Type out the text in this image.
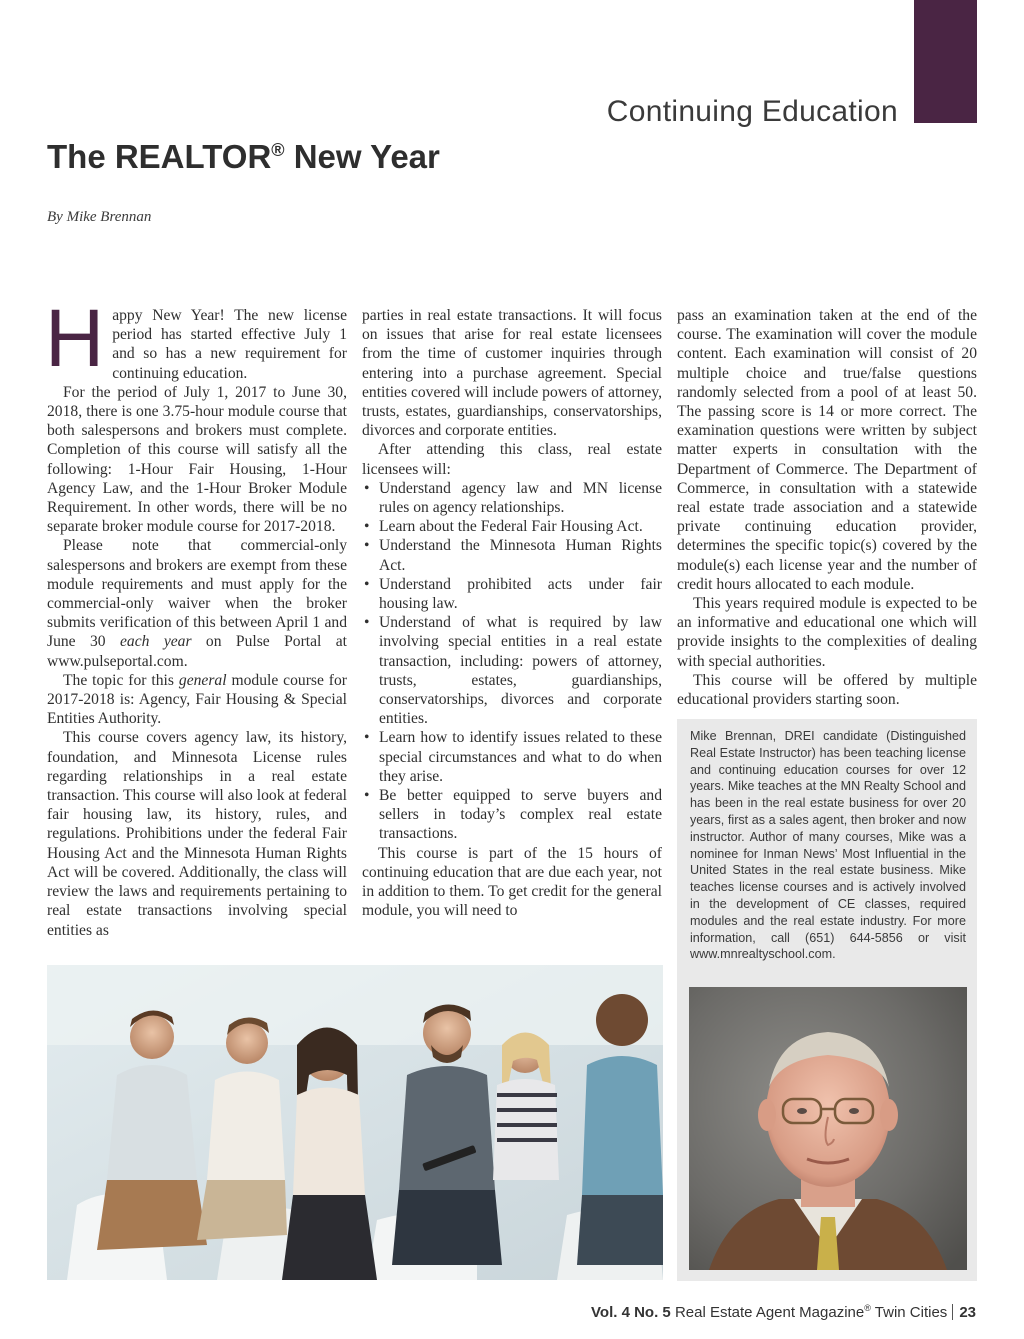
Continuing Education
The REALTOR® New Year
By Mike Brennan

Happy New Year! The new license period has started effective July 1 and so has a new requirement for continuing education.

For the period of July 1, 2017 to June 30, 2018, there is one 3.75-hour module course that both salespersons and brokers must complete. Completion of this course will satisfy all the following: 1-Hour Fair Housing, 1-Hour Agency Law, and the 1-Hour Broker Module Requirement. In other words, there will be no separate broker module course for 2017-2018.

Please note that commercial-only salespersons and brokers are exempt from these module requirements and must apply for the commercial-only waiver when the broker submits verification of this between April 1 and June 30 each year on Pulse Portal at www.pulseportal.com.

The topic for this general module course for 2017-2018 is: Agency, Fair Housing & Special Entities Authority.

This course covers agency law, its history, foundation, and Minnesota License rules regarding relationships in a real estate transaction. This course will also look at federal fair housing law, its history, rules, and regulations. Prohibitions under the federal Fair Housing Act and the Minnesota Human Rights Act will be covered. Additionally, the class will review the laws and requirements pertaining to real estate transactions involving special entities as

parties in real estate transactions. It will focus on issues that arise for real estate licensees from the time of customer inquiries through entering into a purchase agreement. Special entities covered will include powers of attorney, trusts, estates, guardianships, conservatorships, divorces and corporate entities.

After attending this class, real estate licensees will:

• Understand agency law and MN license rules on agency relationships.
• Learn about the Federal Fair Housing Act.
• Understand the Minnesota Human Rights Act.
• Understand prohibited acts under fair housing law.
• Understand of what is required by law involving special entities in a real estate transaction, including: powers of attorney, trusts, estates, guardianships, conservatorships, divorces and corporate entities.
• Learn how to identify issues related to these special circumstances and what to do when they arise.
• Be better equipped to serve buyers and sellers in today’s complex real estate transactions.

This course is part of the 15 hours of continuing education that are due each year, not in addition to them. To get credit for the general module, you will need to

pass an examination taken at the end of the course. The examination will cover the module content. Each examination will consist of 20 multiple choice and true/false questions randomly selected from a pool of at least 50. The passing score is 14 or more correct. The examination questions were written by subject matter experts in consultation with the Department of Commerce. The Department of Commerce, in consultation with a statewide real estate trade association and a statewide private continuing education provider, determines the specific topic(s) covered by the module(s) each license year and the number of credit hours allocated to each module.

This years required module is expected to be an informative and educational one which will provide insights to the complexities of dealing with special authorities.

This course will be offered by multiple educational providers starting soon.

Mike Brennan, DREI candidate (Distinguished Real Estate Instructor) has been teaching license and continuing education courses for over 12 years. Mike teaches at the MN Realty School and has been in the real estate business for over 20 years, first as a sales agent, then broker and now instructor. Author of many courses, Mike was a nominee for Inman News’ Most Influential in the United States in the real estate business. Mike teaches license courses and is actively involved in the development of CE classes, required modules and the real estate industry. For more information, call (651) 644-5856 or visit www.mnrealtyschool.com.
Vol. 4 No. 5 Real Estate Agent Magazine® Twin Cities 23
